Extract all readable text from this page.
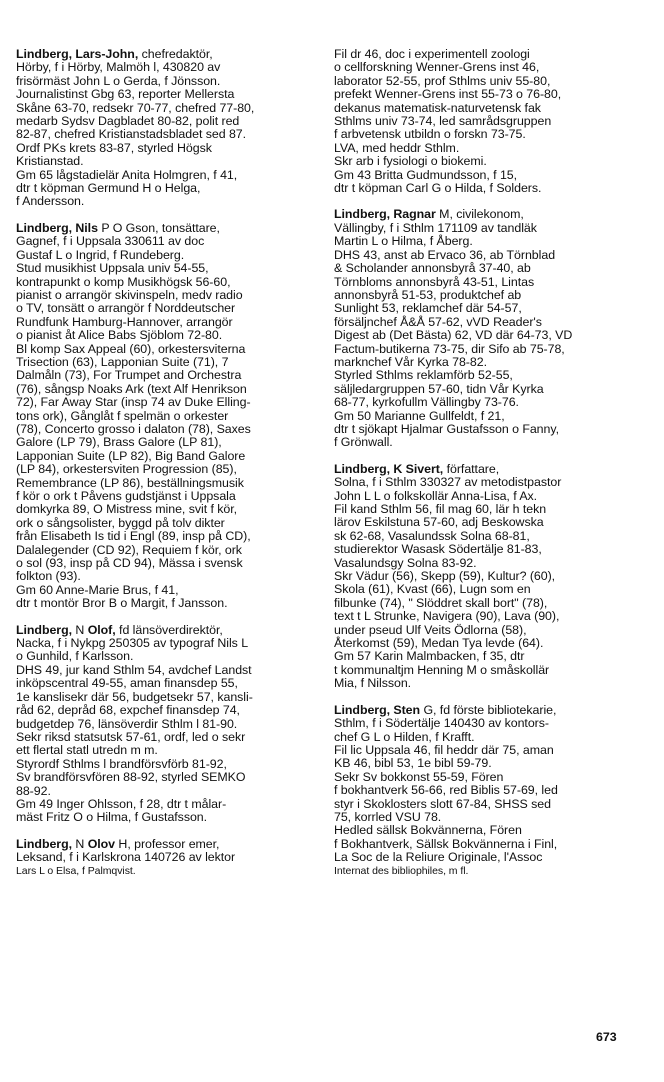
Lindberg, Lars-John, chefredaktör,
Hörby, f i Hörby, Malmöh l, 430820 av
frisörmäst John L o Gerda, f Jönsson.
Journalistinst Gbg 63, reporter Mellersta
Skåne 63-70, redsekr 70-77, chefred 77-80,
medarb Sydsv Dagbladet 80-82, polit red
82-87, chefred Kristianstadsbladet sed 87.
Ordf PKs krets 83-87, styrled Högsk
Kristianstad.
Gm 65 lågstadielär Anita Holmgren, f 41,
dtr t köpman Germund H o Helga,
f Andersson.
Lindberg, Nils P O Gson, tonsättare,
Gagnef, f i Uppsala 330611 av doc
Gustaf L o Ingrid, f Rundeberg.
Stud musikhist Uppsala univ 54-55,
kontrapunkt o komp Musikhögsk 56-60,
pianist o arrangör skivinspeln, medv radio
o TV, tonsätt o arrangör f Norddeutscher
Rundfunk Hamburg-Hannover, arrangör
o pianist åt Alice Babs Sjöblom 72-80.
Bl komp Sax Appeal (60), orkestersviterna
Trisection (63), Lapponian Suite (71), 7
Dalmåln (73), For Trumpet and Orchestra
(76), sångsp Noaks Ark (text Alf Henrikson
72), Far Away Star (insp 74 av Duke Elling-
tons ork), Gånglåt f spelmän o orkester
(78), Concerto grosso i dalaton (78), Saxes
Galore (LP 79), Brass Galore (LP 81),
Lapponian Suite (LP 82), Big Band Galore
(LP 84), orkestersviten Progression (85),
Remembrance (LP 86), beställningsmusik
f kör o ork t Påvens gudstjänst i Uppsala
domkyrka 89, O Mistress mine, svit f kör,
ork o sångsolister, byggd på tolv dikter
från Elisabeth Is tid i Engl (89, insp på CD),
Dalalegender (CD 92), Requiem f kör, ork
o sol (93, insp på CD 94), Mässa i svensk
folkton (93).
Gm 60 Anne-Marie Brus, f 41,
dtr t montör Bror B o Margit, f Jansson.
Lindberg, N Olof, fd länsöverdirektör,
Nacka, f i Nykpg 250305 av typograf Nils L
o Gunhild, f Karlsson.
DHS 49, jur kand Sthlm 54, avdchef Landst
inköpscentral 49-55, aman finansdep 55,
1e kanslisekr där 56, budgetsekr 57, kansli-
råd 62, depråd 68, expchef finansdep 74,
budgetdep 76, länsöverdir Sthlm l 81-90.
Sekr riksd statsutsk 57-61, ordf, led o sekr
ett flertal statl utredn m m.
Styrordf Sthlms l brandförsvförb 81-92,
Sv brandförsvfören 88-92, styrled SEMKO
88-92.
Gm 49 Inger Ohlsson, f 28, dtr t målar-
mäst Fritz O o Hilma, f Gustafsson.
Lindberg, N Olov H, professor emer,
Leksand, f i Karlskrona 140726 av lektor
Lars L o Elsa, f Palmqvist.
Fil dr 46, doc i experimentell zoologi
o cellforskning Wenner-Grens inst 46,
laborator 52-55, prof Sthlms univ 55-80,
prefekt Wenner-Grens inst 55-73 o 76-80,
dekanus matematisk-naturvetensk fak
Sthlms univ 73-74, led samrådsgruppen
f arbvetensk utbildn o forskn 73-75.
LVA, med heddr Sthlm.
Skr arb i fysiologi o biokemi.
Gm 43 Britta Gudmundsson, f 15,
dtr t köpman Carl G o Hilda, f Solders.
Lindberg, Ragnar M, civilekonom,
Vällingby, f i Sthlm 171109 av tandläk
Martin L o Hilma, f Åberg.
DHS 43, anst ab Ervaco 36, ab Törnblad
& Scholander annonsbyrå 37-40, ab
Törnbloms annonsbyrå 43-51, Lintas
annonsbyrå 51-53, produktchef ab
Sunlight 53, reklamchef där 54-57,
försäljnchef Å&Å 57-62, vVD Reader's
Digest ab (Det Bästa) 62, VD där 64-73, VD
Factum-butikerna 73-75, dir Sifo ab 75-78,
marknchef Vår Kyrka 78-82.
Styrled Sthlms reklamförb 52-55,
säljledargruppen 57-60, tidn Vår Kyrka
68-77, kyrkofullm Vällingby 73-76.
Gm 50 Marianne Gullfeldt, f 21,
dtr t sjökapt Hjalmar Gustafsson o Fanny,
f Grönwall.
Lindberg, K Sivert, författare,
Solna, f i Sthlm 330327 av metodistpastor
John L L o folkskollär Anna-Lisa, f Ax.
Fil kand Sthlm 56, fil mag 60, lär h tekn
lärov Eskilstuna 57-60, adj Beskowska
sk 62-68, Vasalundssk Solna 68-81,
studierektor Wasask Södertälje 81-83,
Vasalundsgy Solna 83-92.
Skr Vädur (56), Skepp (59), Kultur? (60),
Skola (61), Kvast (66), Lugn som en
filbunke (74), " Slöddret skall bort" (78),
text t L Strunke, Navigera (90), Lava (90),
under pseud Ulf Veits Ödlorna (58),
Återkomst (59), Medan Tya levde (64).
Gm 57 Karin Malmbacken, f 35, dtr
t kommunaltjm Henning M o småskollär
Mia, f Nilsson.
Lindberg, Sten G, fd förste bibliotekarie,
Sthlm, f i Södertälje 140430 av kontors-
chef G L o Hilden, f Krafft.
Fil lic Uppsala 46, fil heddr där 75, aman
KB 46, bibl 53, 1e bibl 59-79.
Sekr Sv bokkonst 55-59, Fören
f bokhantverk 56-66, red Biblis 57-69, led
styr i Skoklosters slott 67-84, SHSS sed
75, korrled VSU 78.
Hedled sällsk Bokvännerna, Fören
f Bokhantverk, Sällsk Bokvännerna i Finl,
La Soc de la Reliure Originale, l'Assoc
Internat des bibliophiles, m fl.
673
